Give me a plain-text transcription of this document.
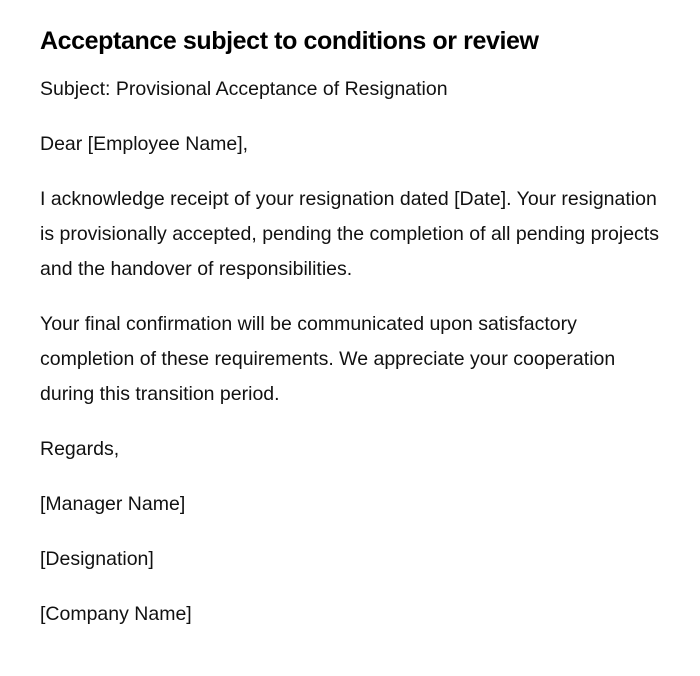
Acceptance subject to conditions or review

Subject: Provisional Acceptance of Resignation

Dear [Employee Name],

I acknowledge receipt of your resignation dated [Date]. Your resignation is provisionally accepted, pending the completion of all pending projects and the handover of responsibilities.

Your final confirmation will be communicated upon satisfactory completion of these requirements. We appreciate your cooperation during this transition period.

Regards,

[Manager Name]

[Designation]

[Company Name]
